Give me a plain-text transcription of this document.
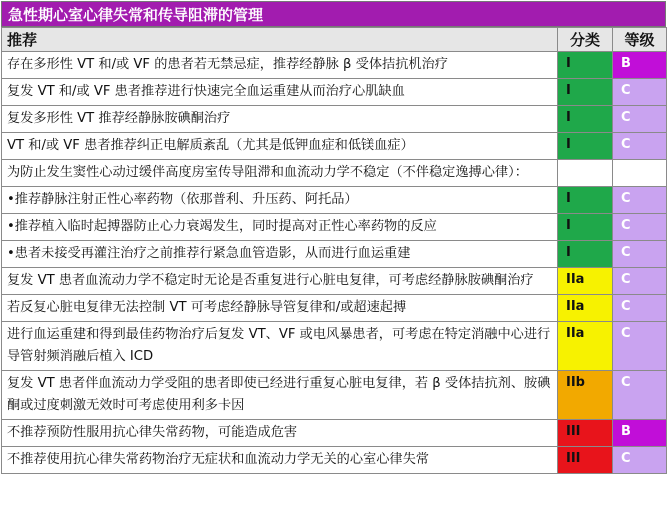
急性期心室心律失常和传导阻滞的管理
推荐	分类	等级
存在多形性 VT 和/或 VF 的患者若无禁忌症，推荐经静脉 β 受体拮抗机治疗	I	B
复发 VT 和/或 VF 患者推荐进行快速完全血运重建从而治疗心肌缺血	I	C
复发多形性 VT 推荐经静脉胺碘酮治疗	I	C
VT 和/或 VF 患者推荐纠正电解质紊乱（尤其是低钾血症和低镁血症）	I	C
为防止发生窦性心动过缓伴高度房室传导阻滞和血流动力学不稳定（不伴稳定逸搏心律）：		
•推荐静脉注射正性心率药物（依那普利、升压药、阿托品）	I	C
•推荐植入临时起搏器防止心力衰竭发生，同时提高对正性心率药物的反应	I	C
•患者未接受再灌注治疗之前推荐行紧急血管造影，从而进行血运重建	I	C
复发 VT 患者血流动力学不稳定时无论是否重复进行心脏电复律，可考虑经静脉胺碘酮治疗	IIa	C
若反复心脏电复律无法控制 VT 可考虑经静脉导管复律和/或超速起搏	IIa	C
进行血运重建和得到最佳药物治疗后复发 VT、VF 或电风暴患者，可考虑在特定消融中心进行导管射频消融后植入 ICD	IIa	C
复发 VT 患者伴血流动力学受阻的患者即使已经进行重复心脏电复律，若 β 受体拮抗剂、胺碘酮或过度刺激无效时可考虑使用利多卡因	IIb	C
不推荐预防性服用抗心律失常药物，可能造成危害	III	B
不推荐使用抗心律失常药物治疗无症状和血流动力学无关的心室心律失常	III	C
